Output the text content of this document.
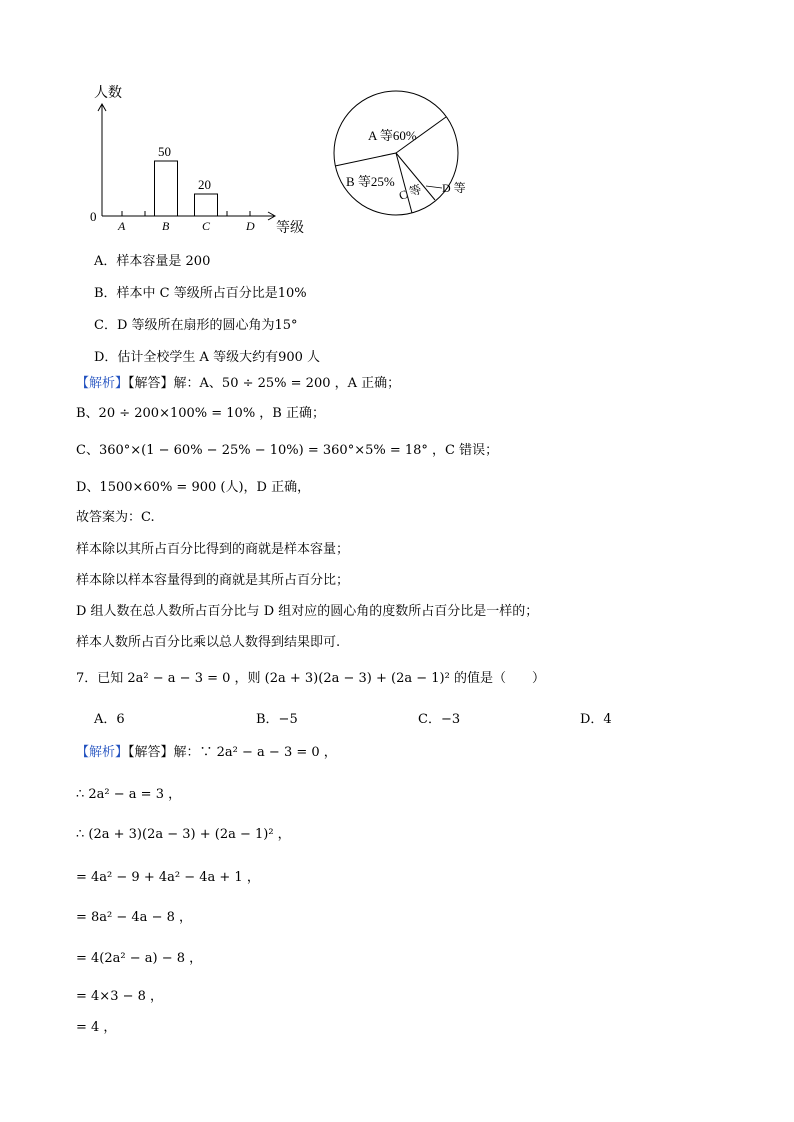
50
20
人数
0
等级
A	B	C	D
A 等60%
B 等25%
C 等 D 等
A．样本容量是 200
B．样本中 C 等级所占百分比是10%
C．D 等级所在扇形的圆心角为15°
D．估计全校学生 A 等级大约有900 人
【解析】【解答】解：A、50 ÷ 25% = 200 ，A 正确；
B、20 ÷ 200×100% = 10% ，B 正确；
C、360°×(1 − 60% − 25% − 10%) = 360°×5% = 18° ，C 错误；
D、1500×60% = 900 (人)，D 正确，
故答案为：C.
样本除以其所占百分比得到的商就是样本容量；
样本除以样本容量得到的商就是其所占百分比；
D 组人数在总人数所占百分比与 D 组对应的圆心角的度数所占百分比是一样的；
样本人数所占百分比乘以总人数得到结果即可.
7．已知 2a² − a − 3 = 0 ，则 (2a + 3)(2a − 3) + (2a − 1)² 的值是（　　）
A．6	B．−5	C．−3	D．4
【解析】【解答】解：∵ 2a² − a − 3 = 0 ，
∴ 2a² − a = 3 ，
∴ (2a + 3)(2a − 3) + (2a − 1)² ，
= 4a² − 9 + 4a² − 4a + 1 ，
= 8a² − 4a − 8 ，
= 4(2a² − a) − 8 ，
= 4×3 − 8 ，
= 4 ，
